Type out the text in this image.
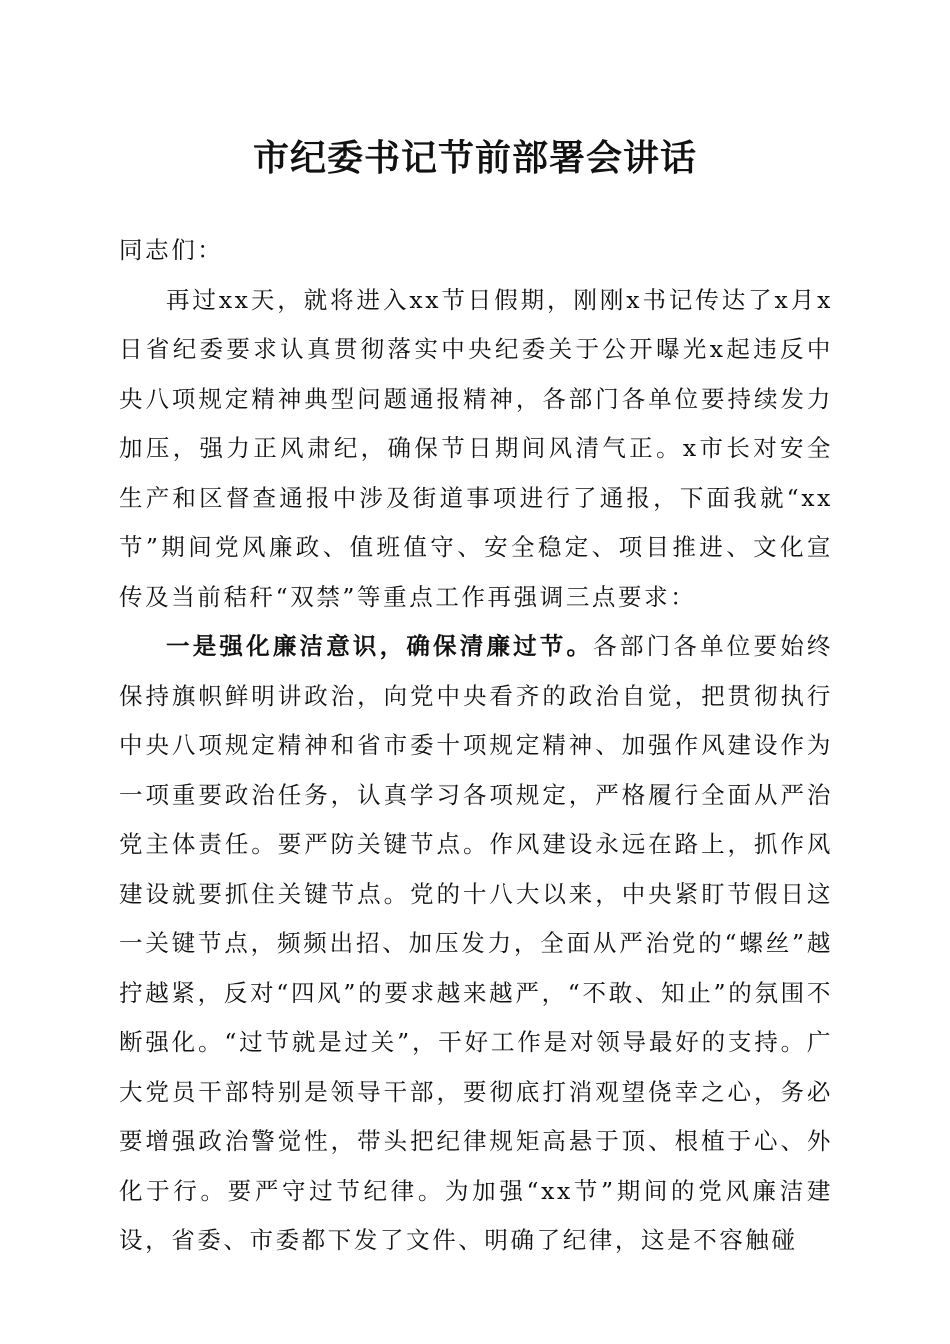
市纪委书记节前部署会讲话

同志们：

再过xx天，就将进入xx节日假期，刚刚x书记传达了x月x日省纪委要求认真贯彻落实中央纪委关于公开曝光x起违反中央八项规定精神典型问题通报精神，各部门各单位要持续发力加压，强力正风肃纪，确保节日期间风清气正。x市长对安全生产和区督查通报中涉及街道事项进行了通报，下面我就“xx节”期间党风廉政、值班值守、安全稳定、项目推进、文化宣传及当前秸秆“双禁”等重点工作再强调三点要求：

一是强化廉洁意识，确保清廉过节。各部门各单位要始终保持旗帜鲜明讲政治，向党中央看齐的政治自觉，把贯彻执行中央八项规定精神和省市委十项规定精神、加强作风建设作为一项重要政治任务，认真学习各项规定，严格履行全面从严治党主体责任。要严防关键节点。作风建设永远在路上，抓作风建设就要抓住关键节点。党的十八大以来，中央紧盯节假日这一关键节点，频频出招、加压发力，全面从严治党的“螺丝”越拧越紧，反对“四风”的要求越来越严，“不敢、知止”的氛围不断强化。“过节就是过关”，干好工作是对领导最好的支持。广大党员干部特别是领导干部，要彻底打消观望侥幸之心，务必要增强政治警觉性，带头把纪律规矩高悬于顶、根植于心、外化于行。要严守过节纪律。为加强“xx节”期间的党风廉洁建设，省委、市委都下发了文件、明确了纪律，这是不容触碰
